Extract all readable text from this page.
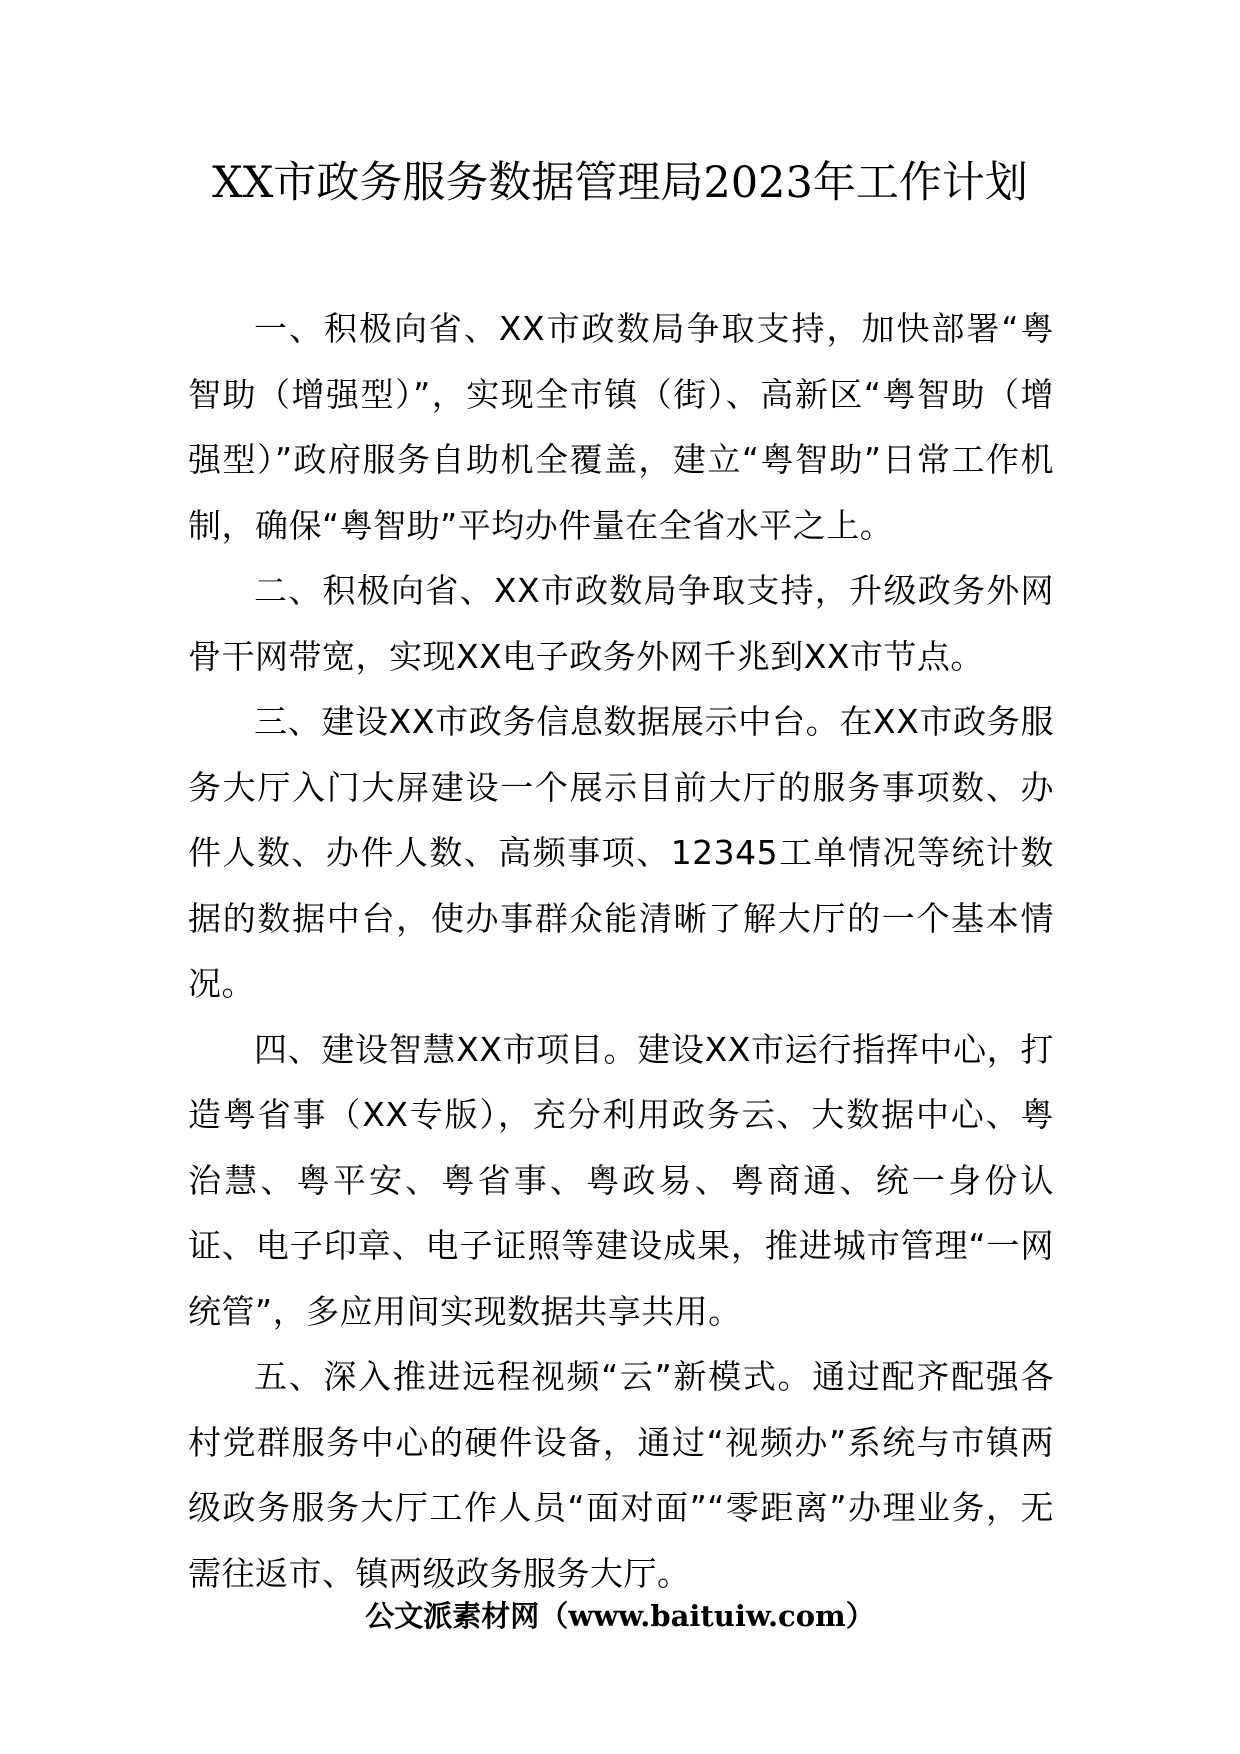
XX市政务服务数据管理局2023年工作计划

一、积极向省、XX市政数局争取支持，加快部署“粤智助（增强型）”，实现全市镇（街）、高新区“粤智助（增强型）”政府服务自助机全覆盖，建立“粤智助”日常工作机制，确保“粤智助”平均办件量在全省水平之上。

二、积极向省、XX市政数局争取支持，升级政务外网骨干网带宽，实现XX电子政务外网千兆到XX市节点。

三、建设XX市政务信息数据展示中台。在XX市政务服务大厅入门大屏建设一个展示目前大厅的服务事项数、办件人数、办件人数、高频事项、12345工单情况等统计数据的数据中台，使办事群众能清晰了解大厅的一个基本情况。

四、建设智慧XX市项目。建设XX市运行指挥中心，打造粤省事（XX专版），充分利用政务云、大数据中心、粤治慧、粤平安、粤省事、粤政易、粤商通、统一身份认证、电子印章、电子证照等建设成果，推进城市管理“一网统管”，多应用间实现数据共享共用。

五、深入推进远程视频“云”新模式。通过配齐配强各村党群服务中心的硬件设备，通过“视频办”系统与市镇两级政务服务大厅工作人员“面对面”“零距离”办理业务，无需往返市、镇两级政务服务大厅。

公文派素材网（www.baituiw.com）
